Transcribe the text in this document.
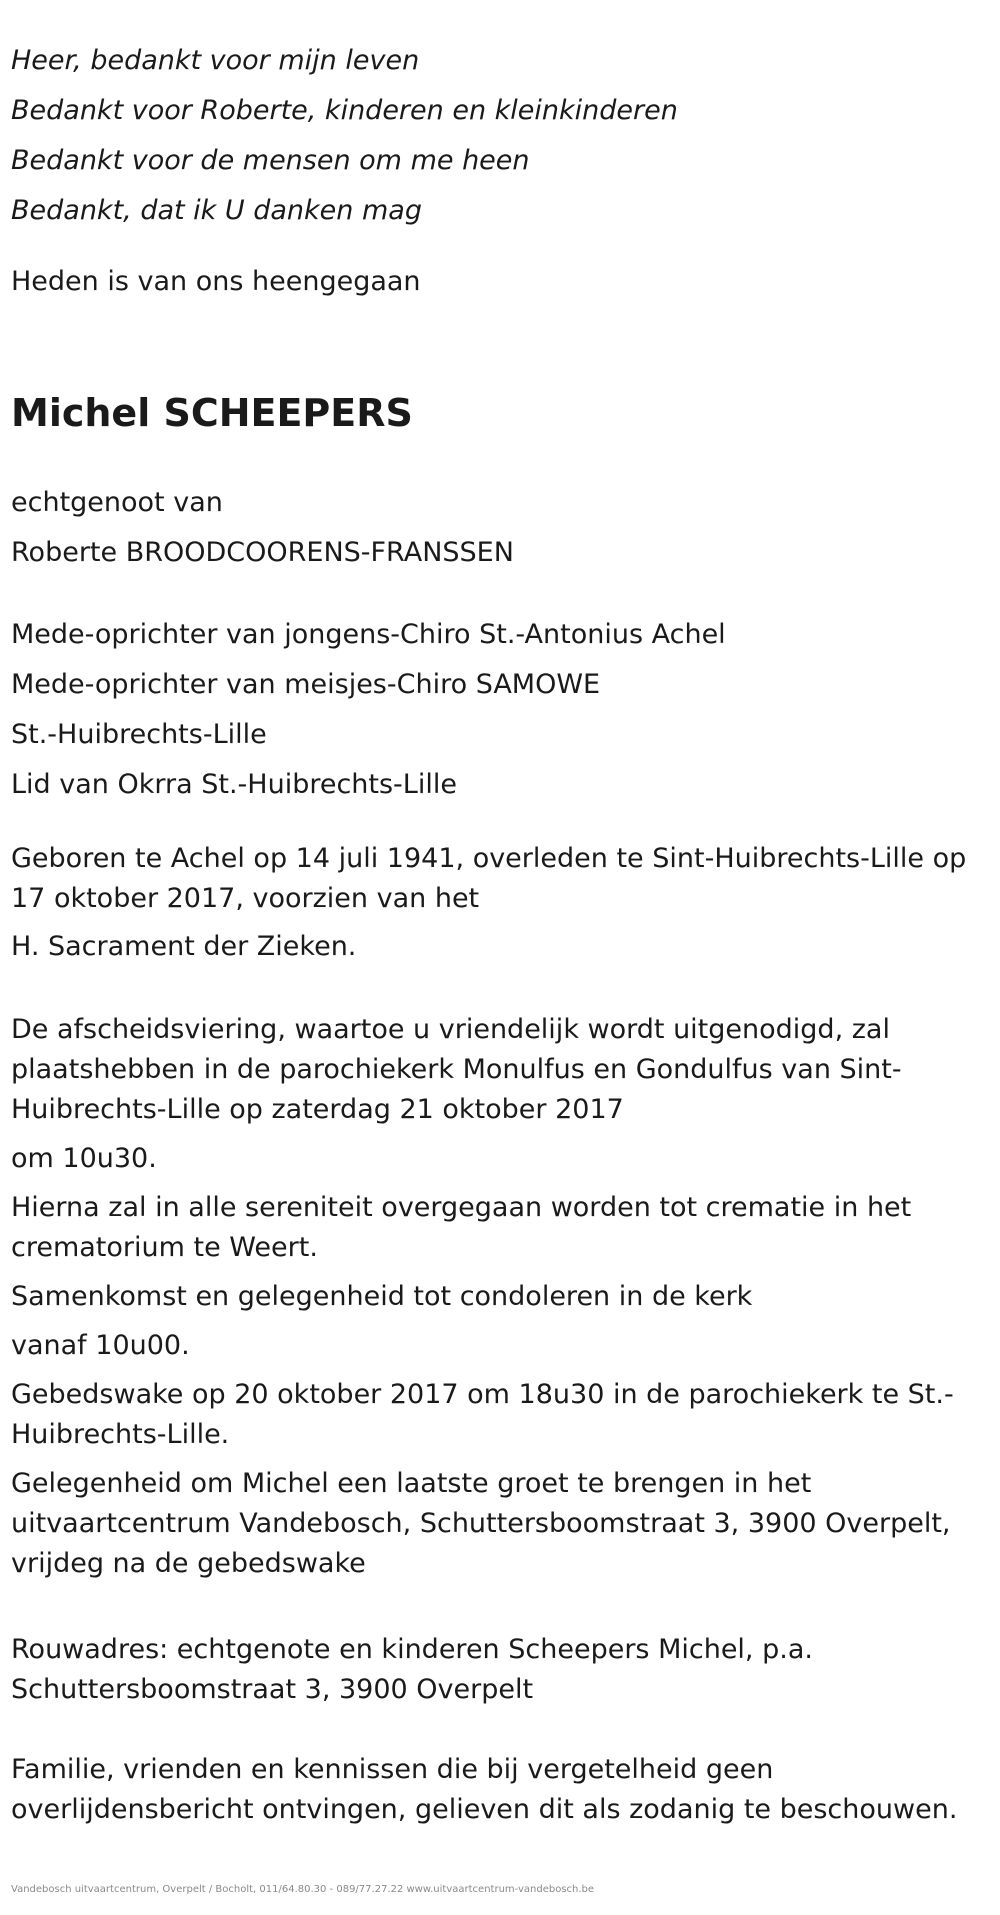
Heer, bedankt voor mijn leven

Bedankt voor Roberte, kinderen en kleinkinderen

Bedankt voor de mensen om me heen

Bedankt, dat ik U danken mag

Heden is van ons heengegaan

Michel SCHEEPERS

echtgenoot van

Roberte BROODCOORENS-FRANSSEN

Mede-oprichter van jongens-Chiro St.-Antonius Achel

Mede-oprichter van meisjes-Chiro SAMOWE

St.-Huibrechts-Lille

Lid van Okrra St.-Huibrechts-Lille

Geboren te Achel op 14 juli 1941, overleden te Sint-Huibrechts-Lille op 17 oktober 2017, voorzien van het

H. Sacrament der Zieken.

De afscheidsviering, waartoe u vriendelijk wordt uitgenodigd, zal plaatshebben in de parochiekerk Monulfus en Gondulfus van Sint-Huibrechts-Lille op zaterdag 21 oktober 2017

om 10u30.

Hierna zal in alle sereniteit overgegaan worden tot crematie in het crematorium te Weert.

Samenkomst en gelegenheid tot condoleren in de kerk

vanaf 10u00.

Gebedswake op 20 oktober 2017 om 18u30 in de parochiekerk te St.-Huibrechts-Lille.

Gelegenheid om Michel een laatste groet te brengen in het uitvaartcentrum Vandebosch, Schuttersboomstraat 3, 3900 Overpelt, vrijdeg na de gebedswake

Rouwadres: echtgenote en kinderen Scheepers Michel, p.a. Schuttersboomstraat 3, 3900 Overpelt

Familie, vrienden en kennissen die bij vergetelheid geen overlijdensbericht ontvingen, gelieven dit als zodanig te beschouwen.

Vandebosch uitvaartcentrum, Overpelt / Bocholt, 011/64.80.30 - 089/77.27.22 www.uitvaartcentrum-vandebosch.be
